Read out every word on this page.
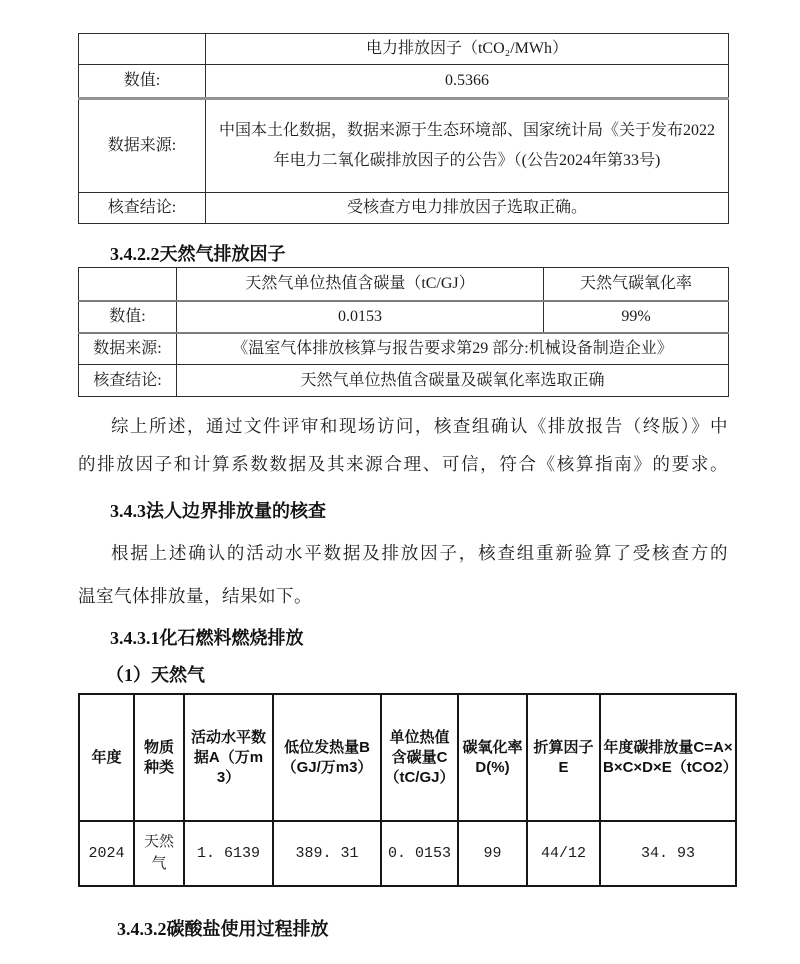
	电力排放因子（tCO₂/MWh）
数值:	0.5366
数据来源:	中国本土化数据，数据来源于生态环境部、国家统计局《关于发布2022年电力二氧化碳排放因子的公告》（(公告2024年第33号)
核查结论:	受核查方电力排放因子选取正确。
3.4.2.2天然气排放因子
	天然气单位热值含碳量（tC/GJ）	天然气碳氧化率
数值:	0.0153	99%
数据来源:	《温室气体排放核算与报告要求第29 部分:机械设备制造企业》	
核查结论:	天然气单位热值含碳量及碳氧化率选取正确	
综上所述，通过文件评审和现场访问，核查组确认《排放报告（终版）》中
的排放因子和计算系数数据及其来源合理、可信，符合《核算指南》的要求。
3.4.3法人边界排放量的核查
根据上述确认的活动水平数据及排放因子，核查组重新验算了受核查方的
温室气体排放量，结果如下。
3.4.3.1化石燃料燃烧排放
（1）天然气
年度	物质种类	活动水平数据A（万m3）	低位发热量B（GJ/万m3）	单位热值含碳量C（tC/GJ）	碳氧化率D(%)	折算因子E	年度碳排放量C=A×B×C×D×E（tCO2）
2024	天然气	1. 6139	389. 31	0. 0153	99	44/12	34. 93
3.4.3.2碳酸盐使用过程排放
